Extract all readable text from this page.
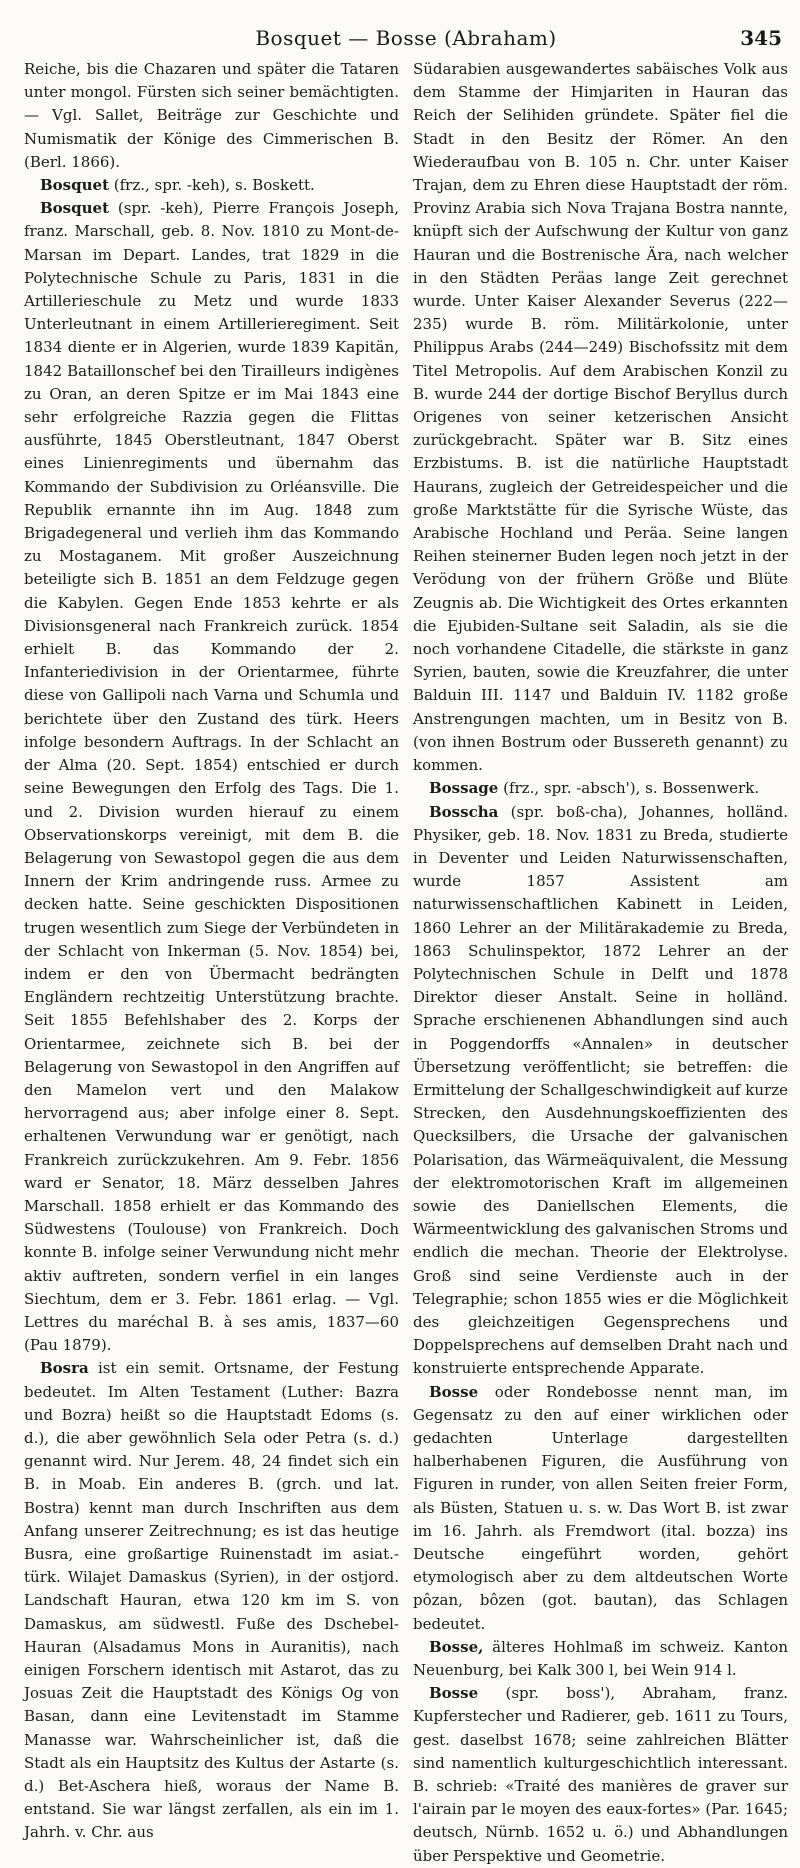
Bosquet — Bosse (Abraham)	345

Reiche, bis die Chazaren und später die Tataren unter mongol. Fürsten sich seiner bemächtigten. — Vgl. Sallet, Beiträge zur Geschichte und Numismatik der Könige des Cimmerischen B. (Berl. 1866).

Bosquet (frz., spr. -keh), s. Boskett.

Bosquet (spr. -keh), Pierre François Joseph, franz. Marschall, geb. 8. Nov. 1810 zu Mont-de-Marsan im Depart. Landes, trat 1829 in die Polytechnische Schule zu Paris, 1831 in die Artillerieschule zu Metz und wurde 1833 Unterleutnant in einem Artillerieregiment. Seit 1834 diente er in Algerien, wurde 1839 Kapitän, 1842 Bataillonschef bei den Tirailleurs indigènes zu Oran, an deren Spitze er im Mai 1843 eine sehr erfolgreiche Razzia gegen die Flittas ausführte, 1845 Oberstleutnant, 1847 Oberst eines Linienregiments und übernahm das Kommando der Subdivision zu Orléansville. Die Republik ernannte ihn im Aug. 1848 zum Brigadegeneral und verlieh ihm das Kommando zu Mostaganem. Mit großer Auszeichnung beteiligte sich B. 1851 an dem Feldzuge gegen die Kabylen. Gegen Ende 1853 kehrte er als Divisionsgeneral nach Frankreich zurück. 1854 erhielt B. das Kommando der 2. Infanteriedivision in der Orientarmee, führte diese von Gallipoli nach Varna und Schumla und berichtete über den Zustand des türk. Heers infolge besondern Auftrags. In der Schlacht an der Alma (20. Sept. 1854) entschied er durch seine Bewegungen den Erfolg des Tags. Die 1. und 2. Division wurden hierauf zu einem Observationskorps vereinigt, mit dem B. die Belagerung von Sewastopol gegen die aus dem Innern der Krim andringende russ. Armee zu decken hatte. Seine geschickten Dispositionen trugen wesentlich zum Siege der Verbündeten in der Schlacht von Inkerman (5. Nov. 1854) bei, indem er den von Übermacht bedrängten Engländern rechtzeitig Unterstützung brachte. Seit 1855 Befehlshaber des 2. Korps der Orientarmee, zeichnete sich B. bei der Belagerung von Sewastopol in den Angriffen auf den Mamelon vert und den Malakow hervorragend aus; aber infolge einer 8. Sept. erhaltenen Verwundung war er genötigt, nach Frankreich zurückzukehren. Am 9. Febr. 1856 ward er Senator, 18. März desselben Jahres Marschall. 1858 erhielt er das Kommando des Südwestens (Toulouse) von Frankreich. Doch konnte B. infolge seiner Verwundung nicht mehr aktiv auftreten, sondern verfiel in ein langes Siechtum, dem er 3. Febr. 1861 erlag. — Vgl. Lettres du maréchal B. à ses amis, 1837—60 (Pau 1879).

Bosra ist ein semit. Ortsname, der Festung bedeutet. Im Alten Testament (Luther: Bazra und Bozra) heißt so die Hauptstadt Edoms (s. d.), die aber gewöhnlich Sela oder Petra (s. d.) genannt wird. Nur Jerem. 48, 24 findet sich ein B. in Moab. Ein anderes B. (grch. und lat. Bostra) kennt man durch Inschriften aus dem Anfang unserer Zeitrechnung; es ist das heutige Busra, eine großartige Ruinenstadt im asiat.-türk. Wilajet Damaskus (Syrien), in der ostjord. Landschaft Hauran, etwa 120 km im S. von Damaskus, am südwestl. Fuße des Dschebel-Hauran (Alsadamus Mons in Auranitis), nach einigen Forschern identisch mit Astarot, das zu Josuas Zeit die Hauptstadt des Königs Og von Basan, dann eine Levitenstadt im Stamme Manasse war. Wahrscheinlicher ist, daß die Stadt als ein Hauptsitz des Kultus der Astarte (s. d.) Bet-Aschera hieß, woraus der Name B. entstand. Sie war längst zerfallen, als ein im 1. Jahrh. v. Chr. aus

Südarabien ausgewandertes sabäisches Volk aus dem Stamme der Himjariten in Hauran das Reich der Selihiden gründete. Später fiel die Stadt in den Besitz der Römer. An den Wiederaufbau von B. 105 n. Chr. unter Kaiser Trajan, dem zu Ehren diese Hauptstadt der röm. Provinz Arabia sich Nova Trajana Bostra nannte, knüpft sich der Aufschwung der Kultur von ganz Hauran und die Bostrenische Ära, nach welcher in den Städten Peräas lange Zeit gerechnet wurde. Unter Kaiser Alexander Severus (222—235) wurde B. röm. Militärkolonie, unter Philippus Arabs (244—249) Bischofssitz mit dem Titel Metropolis. Auf dem Arabischen Konzil zu B. wurde 244 der dortige Bischof Beryllus durch Origenes von seiner ketzerischen Ansicht zurückgebracht. Später war B. Sitz eines Erzbistums. B. ist die natürliche Hauptstadt Haurans, zugleich der Getreidespeicher und die große Marktstätte für die Syrische Wüste, das Arabische Hochland und Peräa. Seine langen Reihen steinerner Buden legen noch jetzt in der Verödung von der frühern Größe und Blüte Zeugnis ab. Die Wichtigkeit des Ortes erkannten die Ejubiden-Sultane seit Saladin, als sie die noch vorhandene Citadelle, die stärkste in ganz Syrien, bauten, sowie die Kreuzfahrer, die unter Balduin III. 1147 und Balduin IV. 1182 große Anstrengungen machten, um in Besitz von B. (von ihnen Bostrum oder Bussereth genannt) zu kommen.

Bossage (frz., spr. -absch'), s. Bossenwerk.

Bosscha (spr. boß-cha), Johannes, holländ. Physiker, geb. 18. Nov. 1831 zu Breda, studierte in Deventer und Leiden Naturwissenschaften, wurde 1857 Assistent am naturwissenschaftlichen Kabinett in Leiden, 1860 Lehrer an der Militärakademie zu Breda, 1863 Schulinspektor, 1872 Lehrer an der Polytechnischen Schule in Delft und 1878 Direktor dieser Anstalt. Seine in holländ. Sprache erschienenen Abhandlungen sind auch in Poggendorffs «Annalen» in deutscher Übersetzung veröffentlicht; sie betreffen: die Ermittelung der Schallgeschwindigkeit auf kurze Strecken, den Ausdehnungskoeffizienten des Quecksilbers, die Ursache der galvanischen Polarisation, das Wärmeäquivalent, die Messung der elektromotorischen Kraft im allgemeinen sowie des Daniellschen Elements, die Wärmeentwicklung des galvanischen Stroms und endlich die mechan. Theorie der Elektrolyse. Groß sind seine Verdienste auch in der Telegraphie; schon 1855 wies er die Möglichkeit des gleichzeitigen Gegensprechens und Doppelsprechens auf demselben Draht nach und konstruierte entsprechende Apparate.

Bosse oder Rondebosse nennt man, im Gegensatz zu den auf einer wirklichen oder gedachten Unterlage dargestellten halberhabenen Figuren, die Ausführung von Figuren in runder, von allen Seiten freier Form, als Büsten, Statuen u. s. w. Das Wort B. ist zwar im 16. Jahrh. als Fremdwort (ital. bozza) ins Deutsche eingeführt worden, gehört etymologisch aber zu dem altdeutschen Worte pôzan, bôzen (got. bautan), das Schlagen bedeutet.

Bosse, älteres Hohlmaß im schweiz. Kanton Neuenburg, bei Kalk 300 l, bei Wein 914 l.

Bosse (spr. boss'), Abraham, franz. Kupferstecher und Radierer, geb. 1611 zu Tours, gest. daselbst 1678; seine zahlreichen Blätter sind namentlich kulturgeschichtlich interessant. B. schrieb: «Traité des manières de graver sur l'airain par le moyen des eaux-fortes» (Par. 1645; deutsch, Nürnb. 1652 u. ö.) und Abhandlungen über Perspektive und Geometrie.
